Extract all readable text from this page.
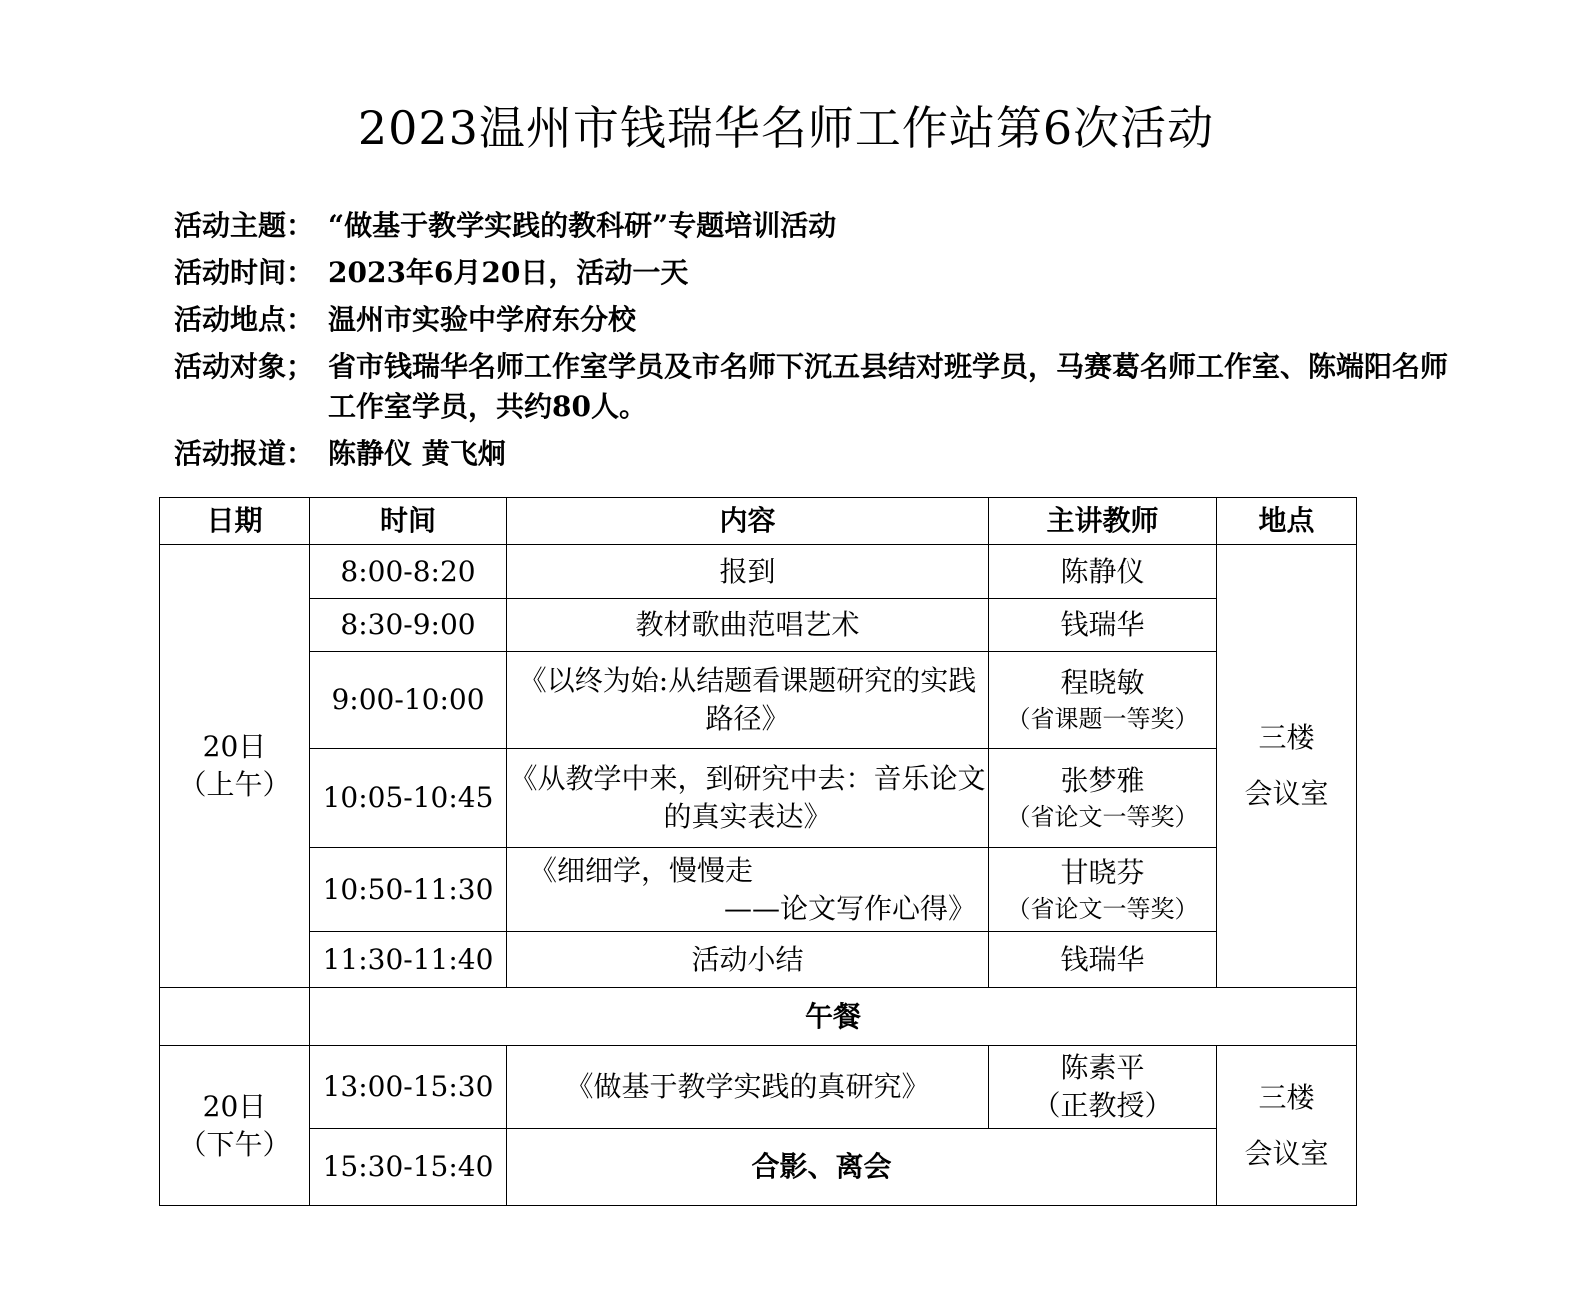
2023温州市钱瑞华名师工作站第6次活动
活动主题： “做基于教学实践的教科研”专题培训活动
活动时间： 2023年6月20日，活动一天
活动地点： 温州市实验中学府东分校
活动对象； 省市钱瑞华名师工作室学员及市名师下沉五县结对班学员，马赛葛名师工作室、陈端阳名师工作室学员，共约80人。
活动报道： 陈静仪 黄飞炯
日期	时间	内容	主讲教师	地点

20日
（上午）	8:00-8:20	报到	陈静仪	三楼
会议室

	8:30-9:00	教材歌曲范唱艺术	钱瑞华	
	9:00-10:00	《以终为始:从结题看课题研究的实践路径》	程晓敏
（省课题一等奖）	

	10:05-10:45	《从教学中来，到研究中去：音乐论文的真实表达》	张梦雅
（省论文一等奖）	

	10:50-11:30	《细细学，慢慢走
——论文写作心得》	甘晓芬
（省论文一等奖）	

	11:30-11:40	活动小结	钱瑞华	
	午餐			

20日
（下午）	13:00-15:30	《做基于教学实践的真研究》	陈素平
（正教授）	三楼
会议室

	15:30-15:40	合影、离会		
